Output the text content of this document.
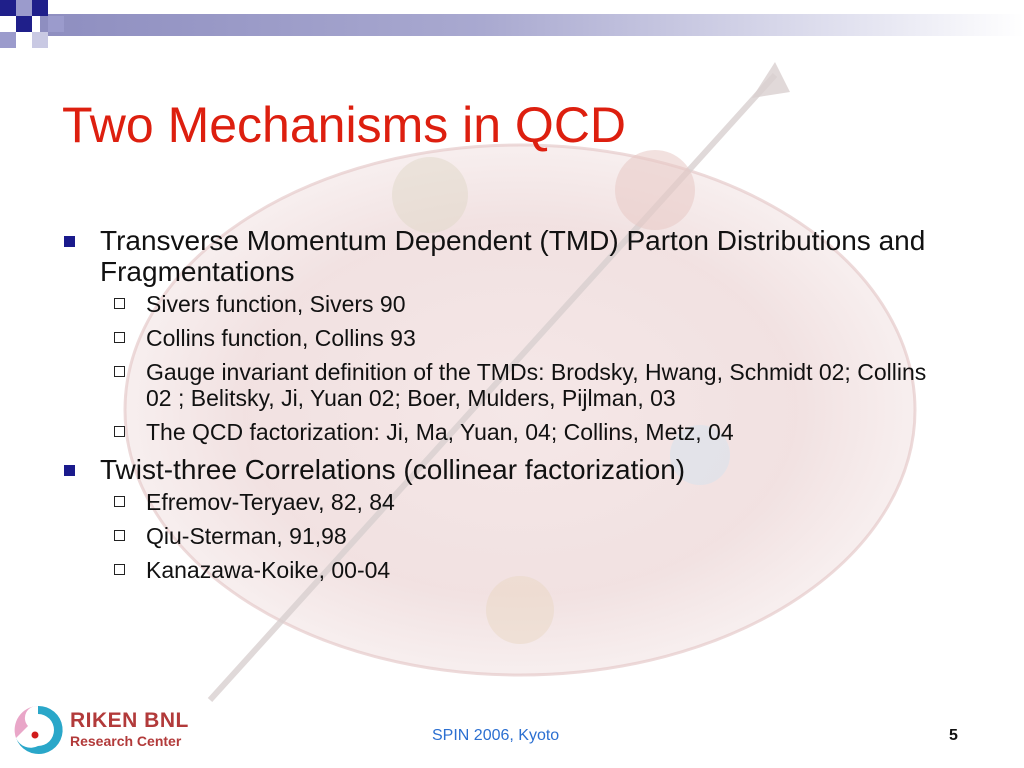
Two Mechanisms in QCD
Transverse Momentum Dependent (TMD) Parton Distributions and Fragmentations
Sivers function, Sivers 90
Collins function, Collins 93
Gauge invariant definition of the TMDs: Brodsky, Hwang, Schmidt 02; Collins 02 ; Belitsky, Ji, Yuan 02; Boer, Mulders, Pijlman, 03
The QCD factorization: Ji, Ma, Yuan, 04; Collins, Metz, 04
Twist-three Correlations (collinear factorization)
Efremov-Teryaev, 82, 84
Qiu-Sterman, 91,98
Kanazawa-Koike, 00-04
RIKEN BNL
Research Center	SPIN 2006, Kyoto	5
